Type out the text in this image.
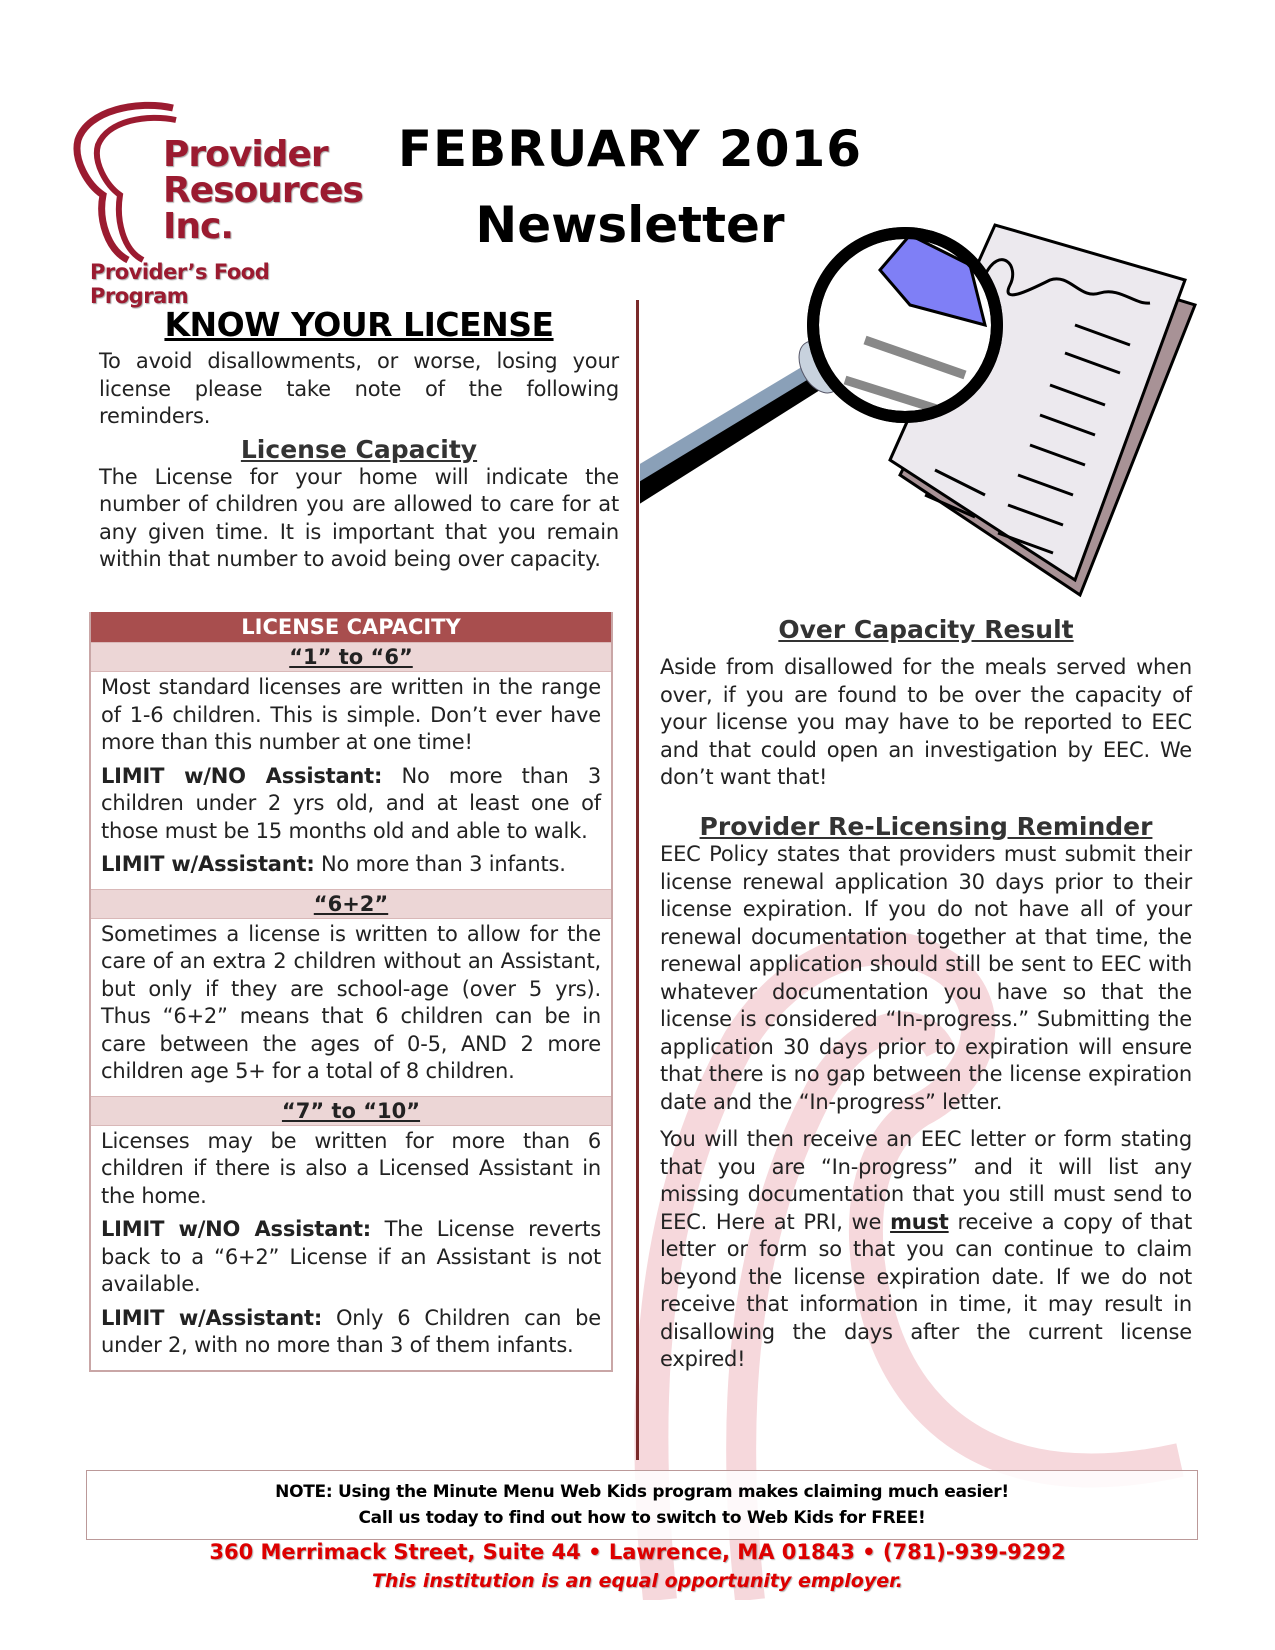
Provider
Resources
Inc.
Provider’s Food Program
FEBRUARY 2016
Newsletter
KNOW YOUR LICENSE
To avoid disallowments, or worse, losing your license please take note of the following reminders.
License Capacity
The License for your home will indicate the number of children you are allowed to care for at any given time. It is important that you remain within that number to avoid being over capacity.
LICENSE CAPACITY
“1” to “6”

Most standard licenses are written in the range of 1-6 children. This is simple. Don’t ever have more than this number at one time!

LIMIT w/NO Assistant: No more than 3 children under 2 yrs old, and at least one of those must be 15 months old and able to walk.

LIMIT w/Assistant: No more than 3 infants.

“6+2”

Sometimes a license is written to allow for the care of an extra 2 children without an Assistant, but only if they are school-age (over 5 yrs). Thus “6+2” means that 6 children can be in care between the ages of 0-5, AND 2 more children age 5+ for a total of 8 children.

“7” to “10”

Licenses may be written for more than 6 children if there is also a Licensed Assistant in the home.

LIMIT w/NO Assistant: The License reverts back to a “6+2” License if an Assistant is not available.

LIMIT w/Assistant: Only 6 Children can be under 2, with no more than 3 of them infants.

Over Capacity Result
Aside from disallowed for the meals served when over, if you are found to be over the capacity of your license you may have to be reported to EEC and that could open an investigation by EEC. We don’t want that!
Provider Re-Licensing Reminder
EEC Policy states that providers must submit their license renewal application 30 days prior to their license expiration. If you do not have all of your renewal documentation together at that time, the renewal application should still be sent to EEC with whatever documentation you have so that the license is considered “In-progress.” Submitting the application 30 days prior to expiration will ensure that there is no gap between the license expiration date and the “In-progress” letter.
You will then receive an EEC letter or form stating that you are “In-progress” and it will list any missing documentation that you still must send to EEC. Here at PRI, we must receive a copy of that letter or form so that you can continue to claim beyond the license expiration date. If we do not receive that information in time, it may result in disallowing the days after the current license expired!
NOTE: Using the Minute Menu Web Kids program makes claiming much easier!
Call us today to find out how to switch to Web Kids for FREE!
360 Merrimack Street, Suite 44 • Lawrence, MA 01843 • (781)-939-9292
This institution is an equal opportunity employer.
